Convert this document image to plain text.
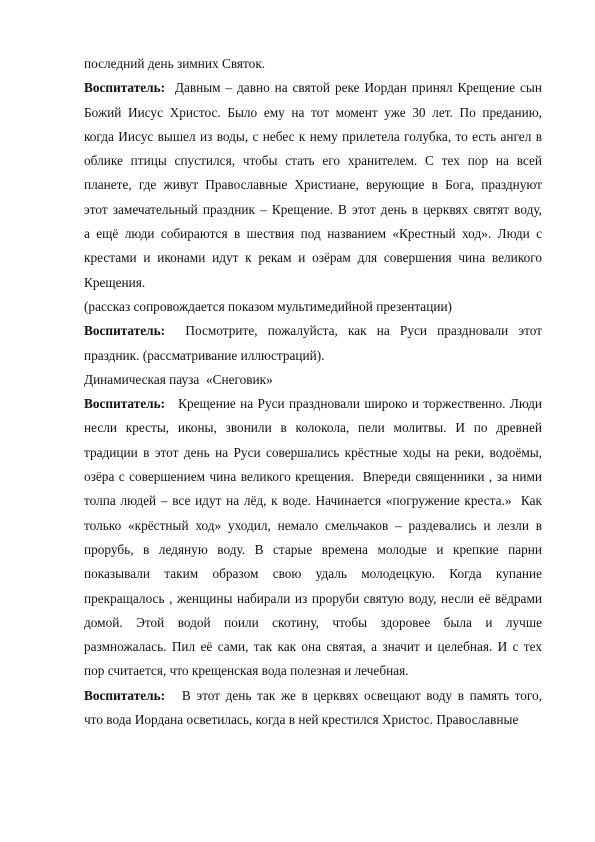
последний день зимних Святок.
Воспитатель:  Давным – давно на святой реке Иордан принял Крещение сын
Божий Иисус Христос. Было ему на тот момент уже 30 лет. По преданию,
когда Иисус вышел из воды, с небес к нему прилетела голубка, то есть ангел в
облике птицы спустился, чтобы стать его хранителем. С тех пор на всей
планете, где живут Православные Христиане, верующие в Бога, празднуют
этот замечательный праздник – Крещение. В этот день в церквях святят воду,
а ещё люди собираются в шествия под названием «Крестный ход». Люди с
крестами и иконами идут к рекам и озёрам для совершения чина великого
Крещения.
(рассказ сопровождается показом мультимедийной презентации)
Воспитатель:  Посмотрите, пожалуйста, как на Руси праздновали этот
праздник. (рассматривание иллюстраций).
Динамическая пауза  «Снеговик»
Воспитатель:   Крещение на Руси праздновали широко и торжественно. Люди
несли кресты, иконы, звонили в колокола, пели молитвы. И по древней
традиции в этот день на Руси совершались крёстные ходы на реки, водоёмы,
озёра с совершением чина великого крещения.  Впереди священники , за ними
толпа людей – все идут на лёд, к воде. Начинается «погружение креста.»  Как
только «крёстный ход» уходил, немало смельчаков – раздевались и лезли в
прорубь, в ледяную воду. В старые времена молодые и крепкие парни
показывали таким образом свою удаль молодецкую. Когда купание
прекращалось , женщины набирали из проруби святую воду, несли её вёдрами
домой. Этой водой поили скотину, чтобы здоровее была и лучше
размножалась. Пил её сами, так как она святая, а значит и целебная. И с тех
пор считается, что крещенская вода полезная и лечебная.
Воспитатель:   В этот день так же в церквях освещают воду в память того,
что вода Иордана осветилась, когда в ней крестился Христос. Православные
